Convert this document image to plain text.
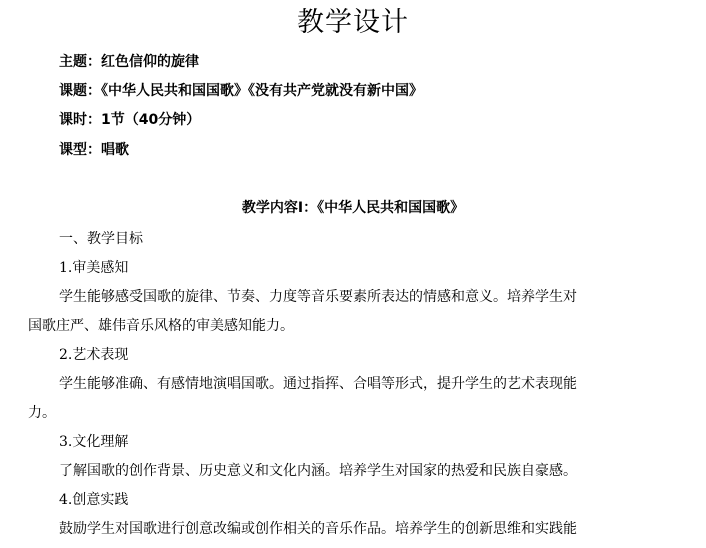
教学设计
主题：红色信仰的旋律
课题：《中华人民共和国国歌》《没有共产党就没有新中国》
课时：1节（40分钟）
课型：唱歌
教学内容Ⅰ：《中华人民共和国国歌》
一、教学目标
1.审美感知
学生能够感受国歌的旋律、节奏、力度等音乐要素所表达的情感和意义。培养学生对
国歌庄严、雄伟音乐风格的审美感知能力。
2.艺术表现
学生能够准确、有感情地演唱国歌。通过指挥、合唱等形式，提升学生的艺术表现能
力。
3.文化理解
了解国歌的创作背景、历史意义和文化内涵。培养学生对国家的热爱和民族自豪感。
4.创意实践
鼓励学生对国歌进行创意改编或创作相关的音乐作品。培养学生的创新思维和实践能
